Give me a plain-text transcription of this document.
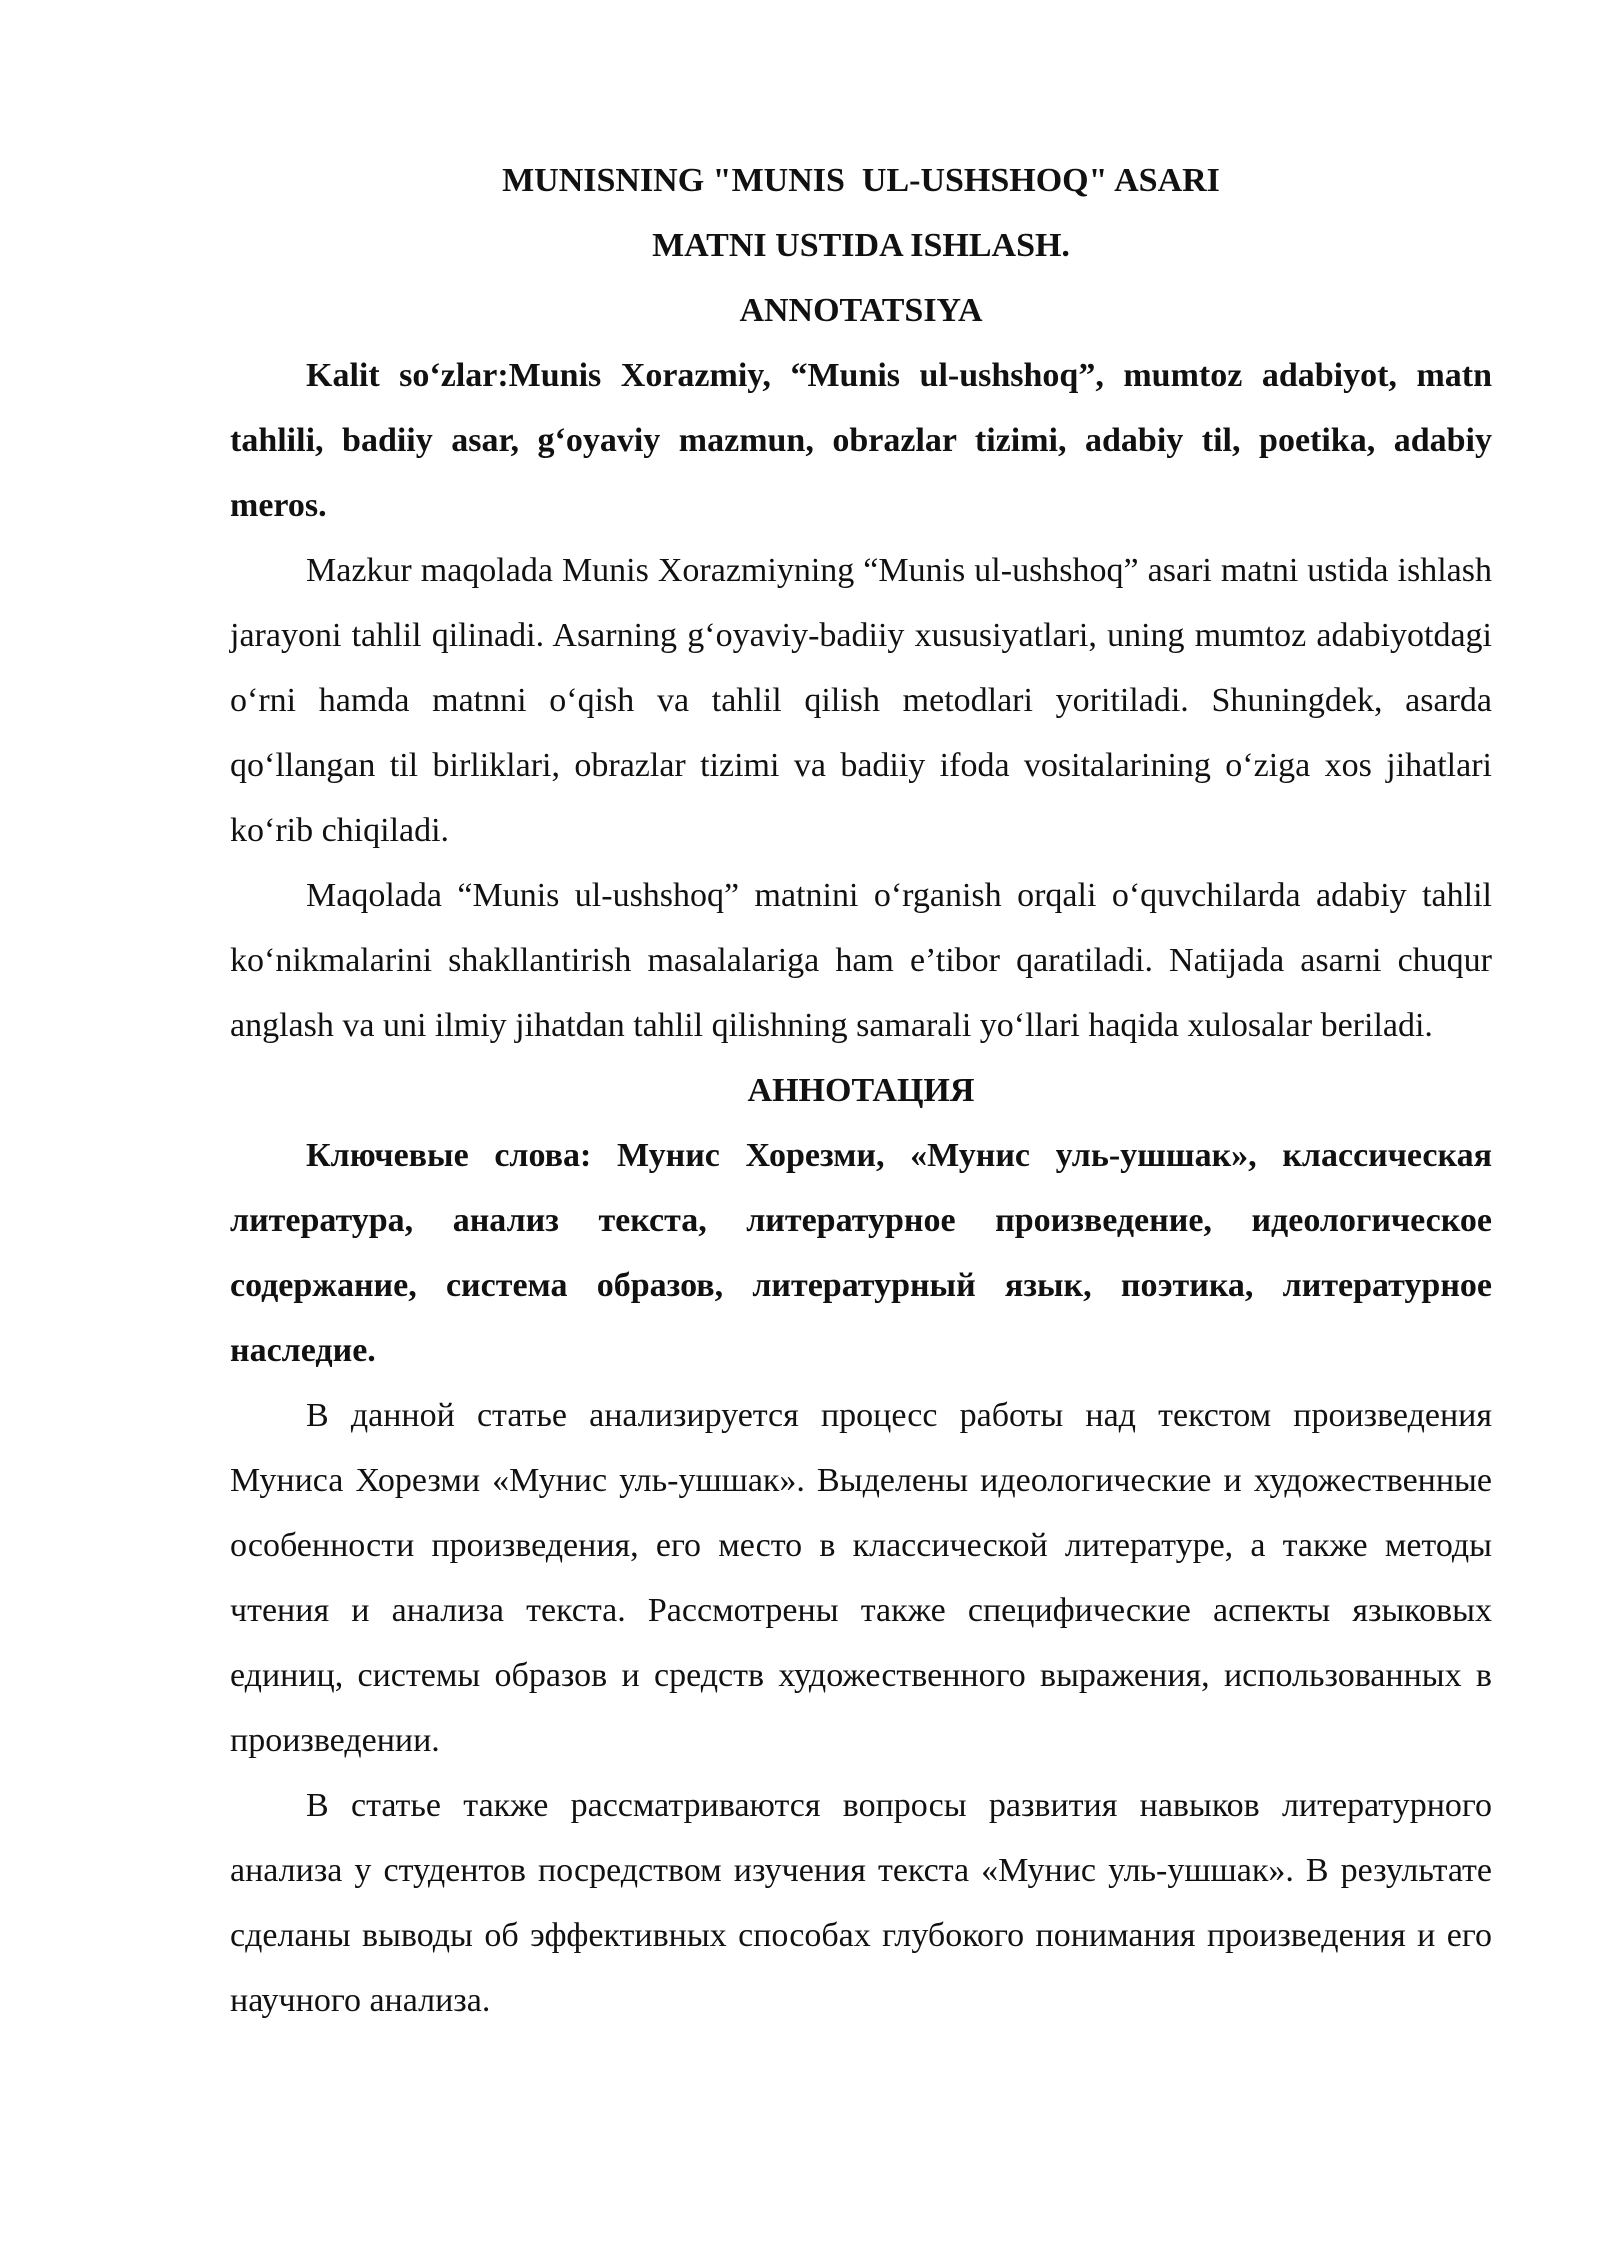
MUNISNING "MUNIS  UL-USHSHOQ" ASARI

MATNI USTIDA ISHLASH.

ANNOTATSIYA

Kalit so‘zlar:Munis Xorazmiy, “Munis ul-ushshoq”, mumtoz adabiyot, matn tahlili, badiiy asar, g‘oyaviy mazmun, obrazlar tizimi, adabiy til, poetika, adabiy meros.

Mazkur maqolada Munis Xorazmiyning “Munis ul-ushshoq” asari matni ustida ishlash jarayoni tahlil qilinadi. Asarning g‘oyaviy-badiiy xususiyatlari, uning mumtoz adabiyotdagi o‘rni hamda matnni o‘qish va tahlil qilish metodlari yoritiladi. Shuningdek, asarda qo‘llangan til birliklari, obrazlar tizimi va badiiy ifoda vositalarining o‘ziga xos jihatlari ko‘rib chiqiladi.

Maqolada “Munis ul-ushshoq” matnini o‘rganish orqali o‘quvchilarda adabiy tahlil ko‘nikmalarini shakllantirish masalalariga ham e’tibor qaratiladi. Natijada asarni chuqur anglash va uni ilmiy jihatdan tahlil qilishning samarali yo‘llari haqida xulosalar beriladi.

АННОТАЦИЯ

Ключевые слова: Мунис Хорезми, «Мунис уль-ушшак», классическая литература, анализ текста, литературное произведение, идеологическое содержание, система образов, литературный язык, поэтика, литературное наследие.

В данной статье анализируется процесс работы над текстом произведения Муниса Хорезми «Мунис уль-ушшак». Выделены идеологические и художественные особенности произведения, его место в классической литературе, а также методы чтения и анализа текста. Рассмотрены также специфические аспекты языковых единиц, системы образов и средств художественного выражения, использованных в произведении.

В статье также рассматриваются вопросы развития навыков литературного анализа у студентов посредством изучения текста «Мунис уль-ушшак». В результате сделаны выводы об эффективных способах глубокого понимания произведения и его научного анализа.
